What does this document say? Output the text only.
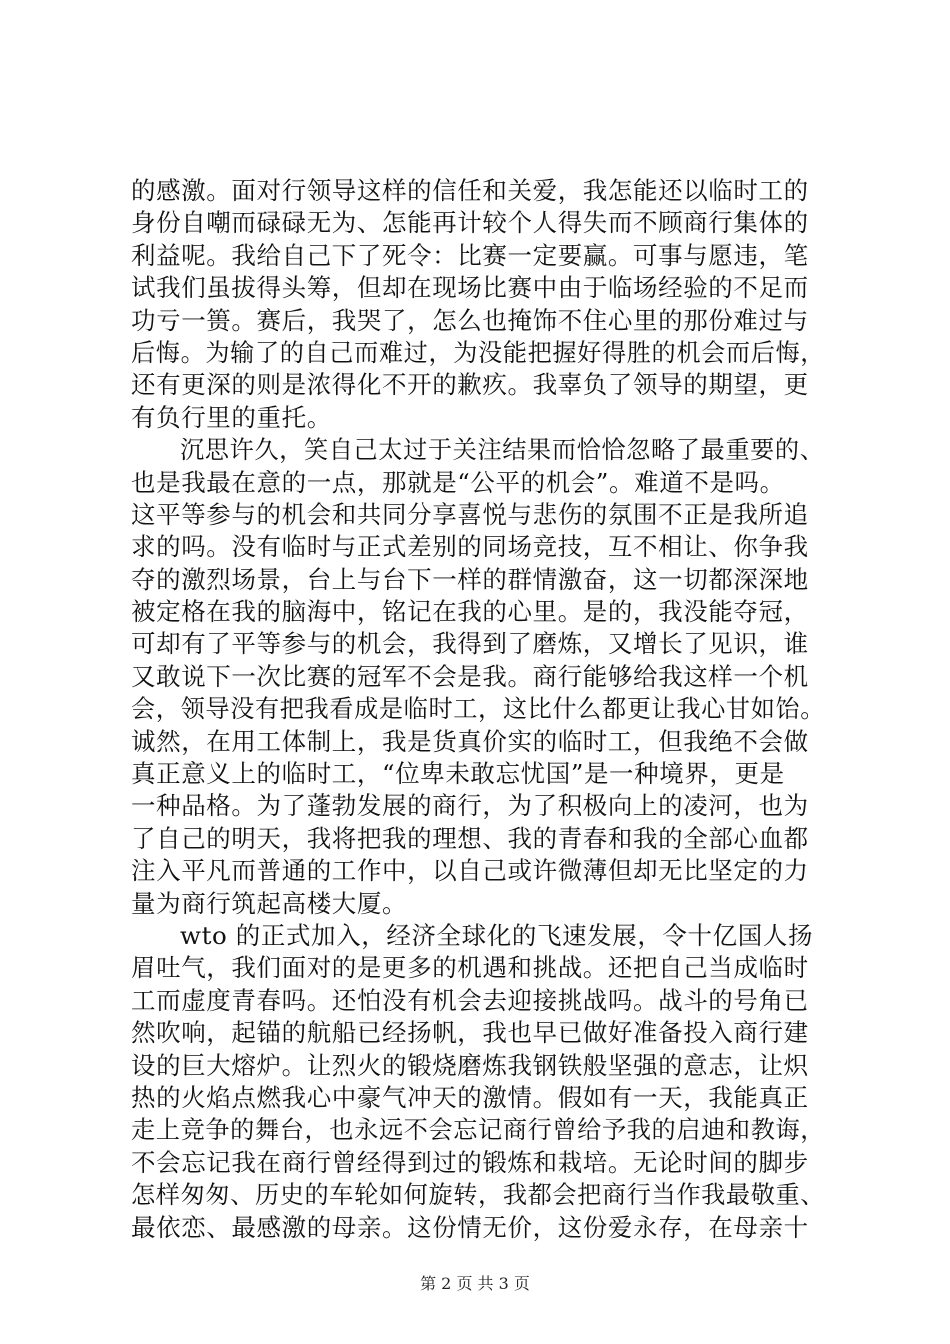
的感激。面对行领导这样的信任和关爱，我怎能还以临时工的
身份自嘲而碌碌无为、怎能再计较个人得失而不顾商行集体的
利益呢。我给自己下了死令：比赛一定要赢。可事与愿违，笔
试我们虽拔得头筹，但却在现场比赛中由于临场经验的不足而
功亏一篑。赛后，我哭了，怎么也掩饰不住心里的那份难过与
后悔。为输了的自己而难过，为没能把握好得胜的机会而后悔，
还有更深的则是浓得化不开的歉疚。我辜负了领导的期望，更
有负行里的重托。
沉思许久，笑自己太过于关注结果而恰恰忽略了最重要的、
也是我最在意的一点，那就是“公平的机会”。难道不是吗。
这平等参与的机会和共同分享喜悦与悲伤的氛围不正是我所追
求的吗。没有临时与正式差别的同场竞技，互不相让、你争我
夺的激烈场景，台上与台下一样的群情激奋，这一切都深深地
被定格在我的脑海中，铭记在我的心里。是的，我没能夺冠，
可却有了平等参与的机会，我得到了磨炼，又增长了见识，谁
又敢说下一次比赛的冠军不会是我。商行能够给我这样一个机
会，领导没有把我看成是临时工，这比什么都更让我心甘如饴。
诚然，在用工体制上，我是货真价实的临时工，但我绝不会做
真正意义上的临时工，“位卑未敢忘忧国”是一种境界，更是
一种品格。为了蓬勃发展的商行，为了积极向上的凌河，也为
了自己的明天，我将把我的理想、我的青春和我的全部心血都
注入平凡而普通的工作中，以自己或许微薄但却无比坚定的力
量为商行筑起高楼大厦。
wto 的正式加入，经济全球化的飞速发展，令十亿国人扬
眉吐气，我们面对的是更多的机遇和挑战。还把自己当成临时
工而虚度青春吗。还怕没有机会去迎接挑战吗。战斗的号角已
然吹响，起锚的航船已经扬帆，我也早已做好准备投入商行建
设的巨大熔炉。让烈火的锻烧磨炼我钢铁般坚强的意志，让炽
热的火焰点燃我心中豪气冲天的激情。假如有一天，我能真正
走上竞争的舞台，也永远不会忘记商行曾给予我的启迪和教诲，
不会忘记我在商行曾经得到过的锻炼和栽培。无论时间的脚步
怎样匆匆、历史的车轮如何旋转，我都会把商行当作我最敬重、
最依恋、最感激的母亲。这份情无价，这份爱永存，在母亲十
第 2 页 共 3 页
